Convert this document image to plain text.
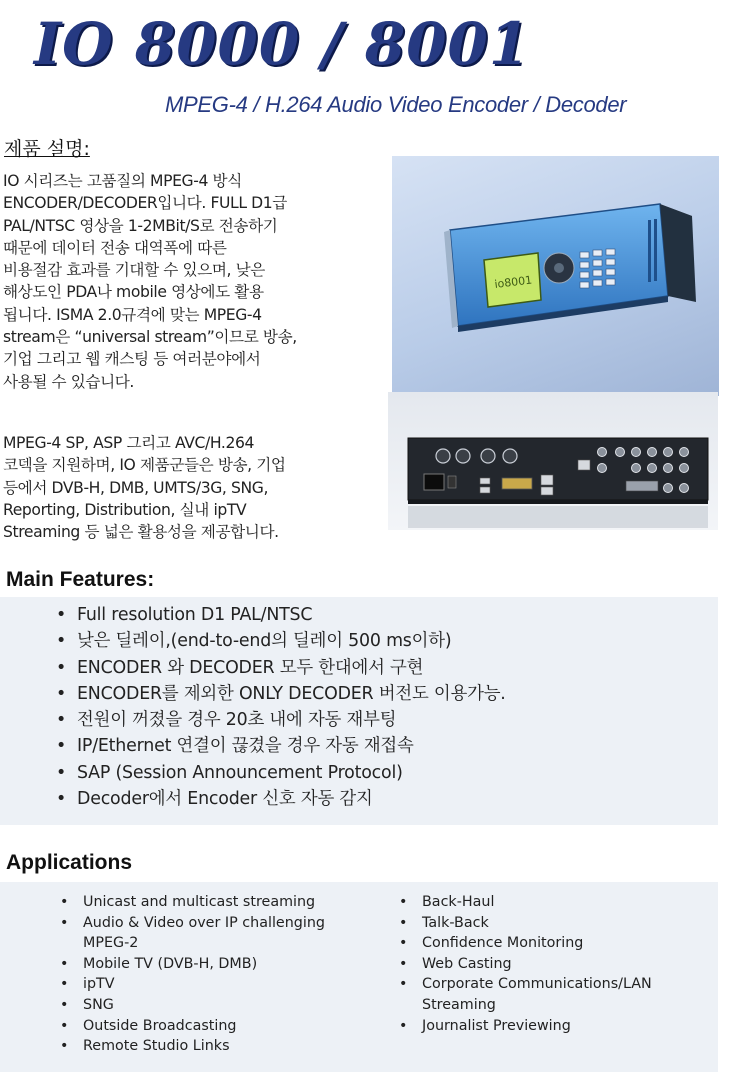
IO 8000 / 8001
MPEG-4 / H.264 Audio Video Encoder / Decoder
제품 설명:
IO 시리즈는 고품질의 MPEG-4 방식
ENCODER/DECODER입니다. FULL D1급
PAL/NTSC 영상을 1-2MBit/S로 전송하기
때문에 데이터 전송 대역폭에 따른
비용절감 효과를 기대할 수 있으며, 낮은
해상도인 PDA나 mobile 영상에도 활용
됩니다. ISMA 2.0규격에 맞는 MPEG-4
stream은 “universal stream”이므로 방송,
기업 그리고 웹 캐스팅 등 여러분야에서
사용될 수 있습니다.
MPEG-4 SP, ASP 그리고 AVC/H.264
코덱을 지원하며, IO 제품군들은 방송, 기업
등에서 DVB-H, DMB, UMTS/3G, SNG,
Reporting, Distribution, 실내 ipTV
Streaming 등 넓은 활용성을 제공합니다.
io8001
Main Features:
• Full resolution D1 PAL/NTSC
• 낮은 딜레이,(end-to-end의 딜레이 500 ms이하)
• ENCODER 와 DECODER 모두 한대에서 구현
• ENCODER를 제외한 ONLY DECODER 버전도 이용가능.
• 전원이 꺼졌을 경우 20초 내에 자동 재부팅
• IP/Ethernet 연결이 끊겼을 경우 자동 재접속
• SAP (Session Announcement Protocol)
• Decoder에서 Encoder 신호 자동 감지
Applications
• Unicast and multicast streaming
• Audio & Video over IP challenging MPEG-2
• Mobile TV (DVB-H, DMB)
• ipTV
• SNG
• Outside Broadcasting
• Remote Studio Links
• Back-Haul
• Talk-Back
• Confidence Monitoring
• Web Casting
• Corporate Communications/LAN Streaming
• Journalist Previewing
